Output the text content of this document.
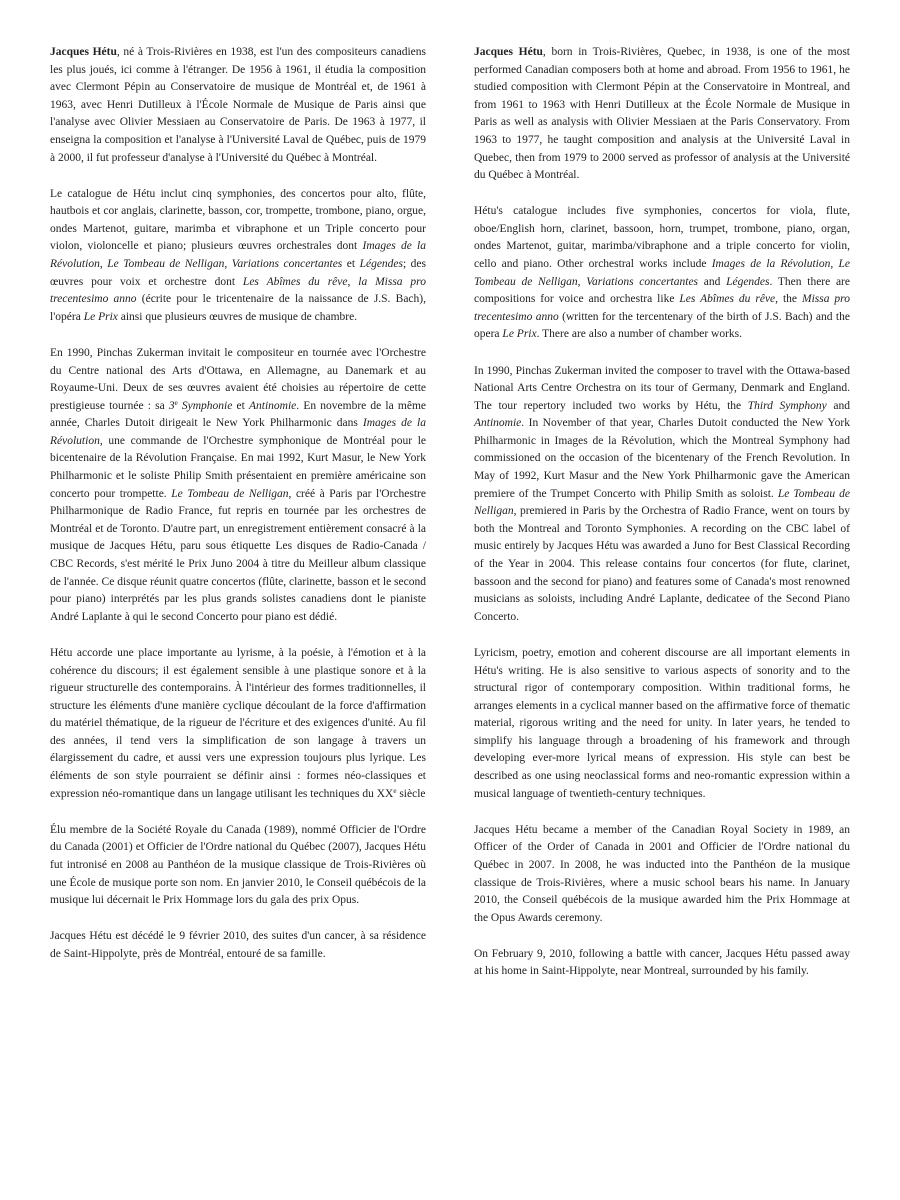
Jacques Hétu, né à Trois-Rivières en 1938, est l'un des compositeurs canadiens les plus joués, ici comme à l'étranger. De 1956 à 1961, il étudia la composition avec Clermont Pépin au Conservatoire de musique de Montréal et, de 1961 à 1963, avec Henri Dutilleux à l'École Normale de Musique de Paris ainsi que l'analyse avec Olivier Messiaen au Conservatoire de Paris. De 1963 à 1977, il enseigna la composition et l'analyse à l'Université Laval de Québec, puis de 1979 à 2000, il fut professeur d'analyse à l'Université du Québec à Montréal.

Le catalogue de Hétu inclut cinq symphonies, des concertos pour alto, flûte, hautbois et cor anglais, clarinette, basson, cor, trompette, trombone, piano, orgue, ondes Martenot, guitare, marimba et vibraphone et un Triple concerto pour violon, violoncelle et piano; plusieurs œuvres orchestrales dont Images de la Révolution, Le Tombeau de Nelligan, Variations concertantes et Légendes; des œuvres pour voix et orchestre dont Les Abîmes du rêve, la Missa pro trecentesimo anno (écrite pour le tricentenaire de la naissance de J.S. Bach), l'opéra Le Prix ainsi que plusieurs œuvres de musique de chambre.

En 1990, Pinchas Zukerman invitait le compositeur en tournée avec l'Orchestre du Centre national des Arts d'Ottawa, en Allemagne, au Danemark et au Royaume-Uni. Deux de ses œuvres avaient été choisies au répertoire de cette prestigieuse tournée : sa 3e Symphonie et Antinomie. En novembre de la même année, Charles Dutoit dirigeait le New York Philharmonic dans Images de la Révolution, une commande de l'Orchestre symphonique de Montréal pour le bicentenaire de la Révolution Française. En mai 1992, Kurt Masur, le New York Philharmonic et le soliste Philip Smith présentaient en première américaine son concerto pour trompette. Le Tombeau de Nelligan, créé à Paris par l'Orchestre Philharmonique de Radio France, fut repris en tournée par les orchestres de Montréal et de Toronto. D'autre part, un enregistrement entièrement consacré à la musique de Jacques Hétu, paru sous étiquette Les disques de Radio-Canada / CBC Records, s'est mérité le Prix Juno 2004 à titre du Meilleur album classique de l'année. Ce disque réunit quatre concertos (flûte, clarinette, basson et le second pour piano) interprétés par les plus grands solistes canadiens dont le pianiste André Laplante à qui le second Concerto pour piano est dédié.

Hétu accorde une place importante au lyrisme, à la poésie, à l'émotion et à la cohérence du discours; il est également sensible à une plastique sonore et à la rigueur structurelle des contemporains. À l'intérieur des formes traditionnelles, il structure les éléments d'une manière cyclique découlant de la force d'affirmation du matériel thématique, de la rigueur de l'écriture et des exigences d'unité. Au fil des années, il tend vers la simplification de son langage à travers un élargissement du cadre, et aussi vers une expression toujours plus lyrique. Les éléments de son style pourraient se définir ainsi : formes néo-classiques et expression néo-romantique dans un langage utilisant les techniques du XXe siècle

Élu membre de la Société Royale du Canada (1989), nommé Officier de l'Ordre du Canada (2001) et Officier de l'Ordre national du Québec (2007), Jacques Hétu fut intronisé en 2008 au Panthéon de la musique classique de Trois-Rivières où une École de musique porte son nom. En janvier 2010, le Conseil québécois de la musique lui décernait le Prix Hommage lors du gala des prix Opus.

Jacques Hétu est décédé le 9 février 2010, des suites d'un cancer, à sa résidence de Saint-Hippolyte, près de Montréal, entouré de sa famille.

Jacques Hétu, born in Trois-Rivières, Quebec, in 1938, is one of the most performed Canadian composers both at home and abroad. From 1956 to 1961, he studied composition with Clermont Pépin at the Conservatoire in Montreal, and from 1961 to 1963 with Henri Dutilleux at the École Normale de Musique in Paris as well as analysis with Olivier Messiaen at the Paris Conservatory. From 1963 to 1977, he taught composition and analysis at the Université Laval in Quebec, then from 1979 to 2000 served as professor of analysis at the Université du Québec à Montréal.

Hétu's catalogue includes five symphonies, concertos for viola, flute, oboe/English horn, clarinet, bassoon, horn, trumpet, trombone, piano, organ, ondes Martenot, guitar, marimba/vibraphone and a triple concerto for violin, cello and piano. Other orchestral works include Images de la Révolution, Le Tombeau de Nelligan, Variations concertantes and Légendes. Then there are compositions for voice and orchestra like Les Abîmes du rêve, the Missa pro trecentesimo anno (written for the tercentenary of the birth of J.S. Bach) and the opera Le Prix. There are also a number of chamber works.

In 1990, Pinchas Zukerman invited the composer to travel with the Ottawa-based National Arts Centre Orchestra on its tour of Germany, Denmark and England. The tour repertory included two works by Hétu, the Third Symphony and Antinomie. In November of that year, Charles Dutoit conducted the New York Philharmonic in Images de la Révolution, which the Montreal Symphony had commissioned on the occasion of the bicentenary of the French Revolution. In May of 1992, Kurt Masur and the New York Philharmonic gave the American premiere of the Trumpet Concerto with Philip Smith as soloist. Le Tombeau de Nelligan, premiered in Paris by the Orchestra of Radio France, went on tours by both the Montreal and Toronto Symphonies. A recording on the CBC label of music entirely by Jacques Hétu was awarded a Juno for Best Classical Recording of the Year in 2004. This release contains four concertos (for flute, clarinet, bassoon and the second for piano) and features some of Canada's most renowned musicians as soloists, including André Laplante, dedicatee of the Second Piano Concerto.

Lyricism, poetry, emotion and coherent discourse are all important elements in Hétu's writing. He is also sensitive to various aspects of sonority and to the structural rigor of contemporary composition. Within traditional forms, he arranges elements in a cyclical manner based on the affirmative force of thematic material, rigorous writing and the need for unity. In later years, he tended to simplify his language through a broadening of his framework and through developing ever-more lyrical means of expression. His style can best be described as one using neoclassical forms and neo-romantic expression within a musical language of twentieth-century techniques.

Jacques Hétu became a member of the Canadian Royal Society in 1989, an Officer of the Order of Canada in 2001 and Officier de l'Ordre national du Québec in 2007. In 2008, he was inducted into the Panthéon de la musique classique de Trois-Rivières, where a music school bears his name. In January 2010, the Conseil québécois de la musique awarded him the Prix Hommage at the Opus Awards ceremony.

On February 9, 2010, following a battle with cancer, Jacques Hétu passed away at his home in Saint-Hippolyte, near Montreal, surrounded by his family.
